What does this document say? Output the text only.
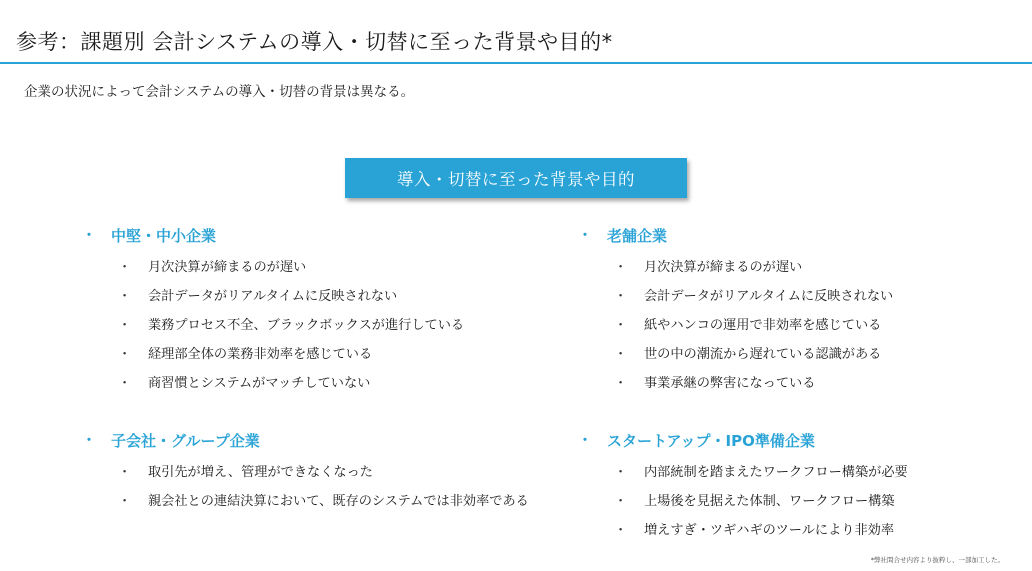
参考：課題別 会計システムの導入・切替に至った背景や目的*
企業の状況によって会計システムの導入・切替の背景は異なる。
導入・切替に至った背景や目的
・ 中堅・中小企業
・	月次決算が締まるのが遅い
・	会計データがリアルタイムに反映されない
・	業務プロセス不全、ブラックボックスが進行している
・	経理部全体の業務非効率を感じている
・	商習慣とシステムがマッチしていない
・ 老舗企業
・	月次決算が締まるのが遅い
・	会計データがリアルタイムに反映されない
・	紙やハンコの運用で非効率を感じている
・	世の中の潮流から遅れている認識がある
・	事業承継の弊害になっている
・ 子会社・グループ企業
・	取引先が増え、管理ができなくなった
・	親会社との連結決算において、既存のシステムでは非効率である
・ スタートアップ・IPO準備企業
・	内部統制を踏まえたワークフロー構築が必要
・	上場後を見据えた体制、ワークフロー構築
・	増えすぎ・ツギハギのツールにより非効率
*弊社問合せ内容より抜粋し、一部加工した。
